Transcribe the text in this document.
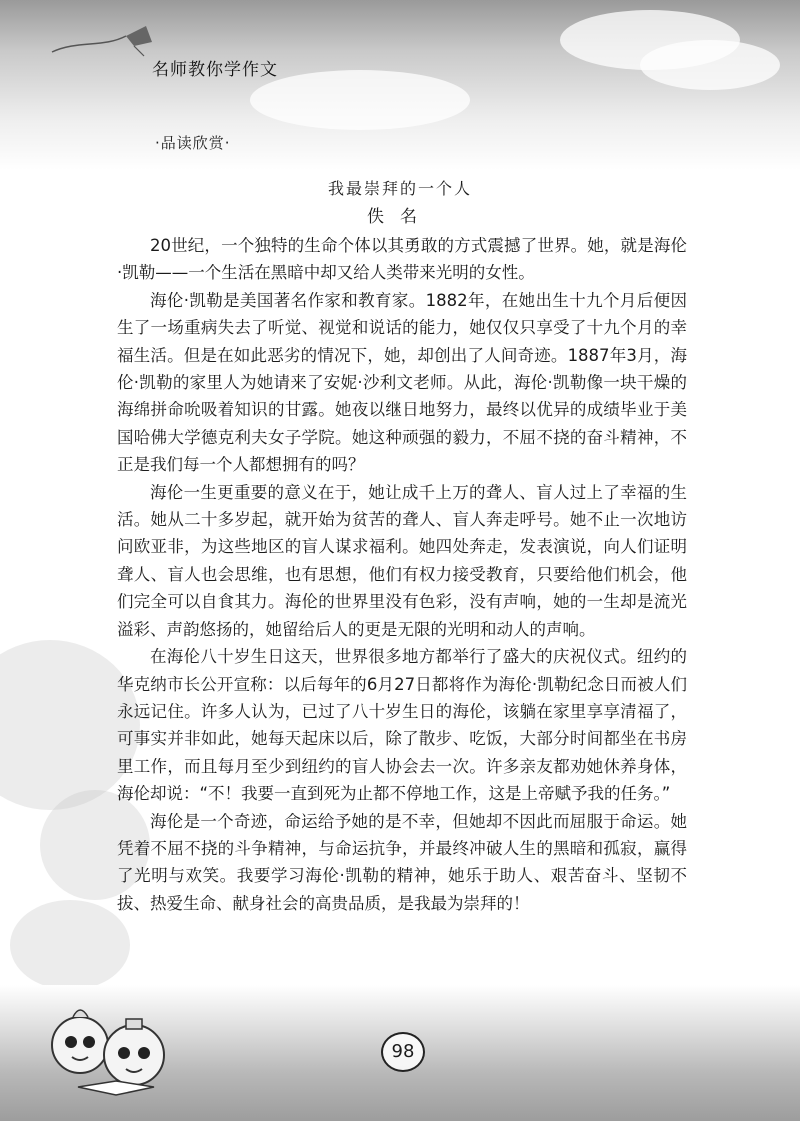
名师教你学作文
·品读欣赏·
我最崇拜的一个人
佚名

20世纪，一个独特的生命个体以其勇敢的方式震撼了世界。她，就是海伦·凯勒——一个生活在黑暗中却又给人类带来光明的女性。

海伦·凯勒是美国著名作家和教育家。1882年，在她出生十九个月后便因生了一场重病失去了听觉、视觉和说话的能力，她仅仅只享受了十九个月的幸福生活。但是在如此恶劣的情况下，她，却创出了人间奇迹。1887年3月，海伦·凯勒的家里人为她请来了安妮·沙利文老师。从此，海伦·凯勒像一块干燥的海绵拼命吮吸着知识的甘露。她夜以继日地努力，最终以优异的成绩毕业于美国哈佛大学德克利夫女子学院。她这种顽强的毅力，不屈不挠的奋斗精神，不正是我们每一个人都想拥有的吗？

海伦一生更重要的意义在于，她让成千上万的聋人、盲人过上了幸福的生活。她从二十多岁起，就开始为贫苦的聋人、盲人奔走呼号。她不止一次地访问欧亚非，为这些地区的盲人谋求福利。她四处奔走，发表演说，向人们证明聋人、盲人也会思维，也有思想，他们有权力接受教育，只要给他们机会，他们完全可以自食其力。海伦的世界里没有色彩，没有声响，她的一生却是流光溢彩、声韵悠扬的，她留给后人的更是无限的光明和动人的声响。

在海伦八十岁生日这天，世界很多地方都举行了盛大的庆祝仪式。纽约的华克纳市长公开宣称：以后每年的6月27日都将作为海伦·凯勒纪念日而被人们永远记住。许多人认为，已过了八十岁生日的海伦，该躺在家里享享清福了，可事实并非如此，她每天起床以后，除了散步、吃饭，大部分时间都坐在书房里工作，而且每月至少到纽约的盲人协会去一次。许多亲友都劝她休养身体，海伦却说：“不！我要一直到死为止都不停地工作，这是上帝赋予我的任务。”

海伦是一个奇迹，命运给予她的是不幸，但她却不因此而屈服于命运。她凭着不屈不挠的斗争精神，与命运抗争，并最终冲破人生的黑暗和孤寂，赢得了光明与欢笑。我要学习海伦·凯勒的精神，她乐于助人、艰苦奋斗、坚韧不拔、热爱生命、献身社会的高贵品质，是我最为崇拜的！

98
